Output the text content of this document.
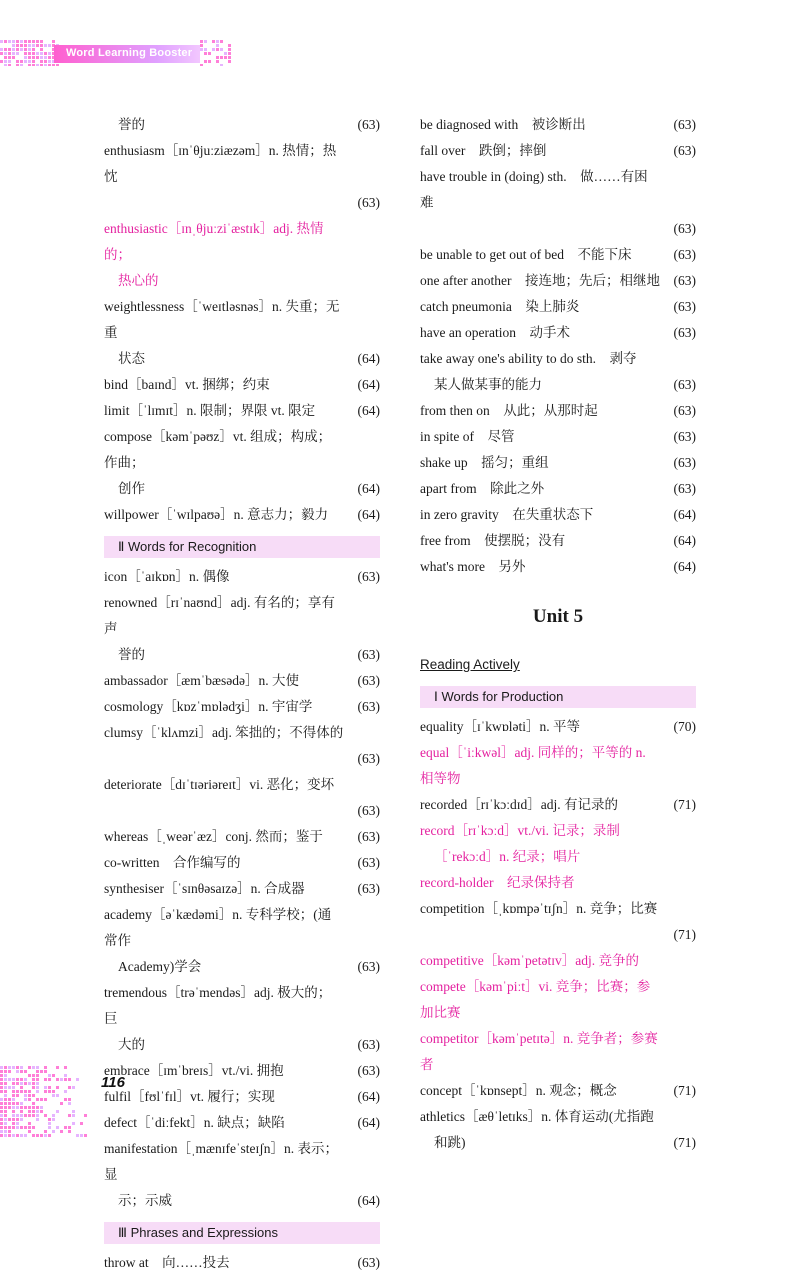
Word Learning Booster
116
誉的	(63)
enthusiasm［ɪnˈθjuːziæzəm］n. 热情；热忱
(63)
enthusiastic［ɪnˌθjuːziˈæstɪk］adj. 热情的；
热心的
weightlessness［ˈweɪtləsnəs］n. 失重；无重
状态	(64)
bind［baɪnd］vt. 捆绑；约束	(64)
limit［ˈlɪmɪt］n. 限制；界限 vt. 限定	(64)
compose［kəmˈpəʊz］vt. 组成；构成；作曲；
创作	(64)
willpower［ˈwɪlpaʊə］n. 意志力；毅力	(64)
Ⅱ Words for Recognition
icon［ˈaɪkɒn］n. 偶像	(63)
renowned［rɪˈnaʊnd］adj. 有名的；享有声
誉的	(63)
ambassador［æmˈbæsədə］n. 大使	(63)
cosmology［kɒzˈmɒlədʒi］n. 宇宙学	(63)
clumsy［ˈklʌmzi］adj. 笨拙的；不得体的
(63)
deteriorate［dɪˈtɪəriəreɪt］vi. 恶化；变坏
(63)
whereas［ˌweərˈæz］conj. 然而；鉴于	(63)
co-written　合作编写的	(63)
synthesiser［ˈsɪnθəsaɪzə］n. 合成器	(63)
academy［əˈkædəmi］n. 专科学校；(通常作
Academy)学会	(63)
tremendous［trəˈmendəs］adj. 极大的；巨
大的	(63)
embrace［ɪmˈbreɪs］vt./vi. 拥抱	(63)
fulfil［fʊlˈfɪl］vt. 履行；实现	(64)
defect［ˈdiːfekt］n. 缺点；缺陷	(64)
manifestation［ˌmænɪfeˈsteɪʃn］n. 表示；显
示；示威	(64)
Ⅲ Phrases and Expressions
throw at　向……投去	(63)
be diagnosed with　被诊断出	(63)
fall over　跌倒；摔倒	(63)
have trouble in (doing) sth.　做……有困难
(63)
be unable to get out of bed　不能下床	(63)
one after another　接连地；先后；相继地	(63)
catch pneumonia　染上肺炎	(63)
have an operation　动手术	(63)
take away one's ability to do sth.　剥夺
某人做某事的能力	(63)
from then on　从此；从那时起	(63)
in spite of　尽管	(63)
shake up　摇匀；重组	(63)
apart from　除此之外	(63)
in zero gravity　在失重状态下	(64)
free from　使摆脱；没有	(64)
what's more　另外	(64)
Unit 5
Reading Actively
Ⅰ Words for Production
equality［ɪˈkwɒləti］n. 平等	(70)
equal［ˈiːkwəl］adj. 同样的；平等的 n. 相等物
recorded［rɪˈkɔːdɪd］adj. 有记录的	(71)
record［rɪˈkɔːd］vt./vi. 记录；录制
［ˈrekɔːd］n. 纪录；唱片
record-holder　纪录保持者
competition［ˌkɒmpəˈtɪʃn］n. 竞争；比赛
(71)
competitive［kəmˈpetətɪv］adj. 竞争的
compete［kəmˈpiːt］vi. 竞争；比赛；参加比赛
competitor［kəmˈpetɪtə］n. 竞争者；参赛者
concept［ˈkɒnsept］n. 观念；概念	(71)
athletics［æθˈletɪks］n. 体育运动(尤指跑
和跳)	(71)
